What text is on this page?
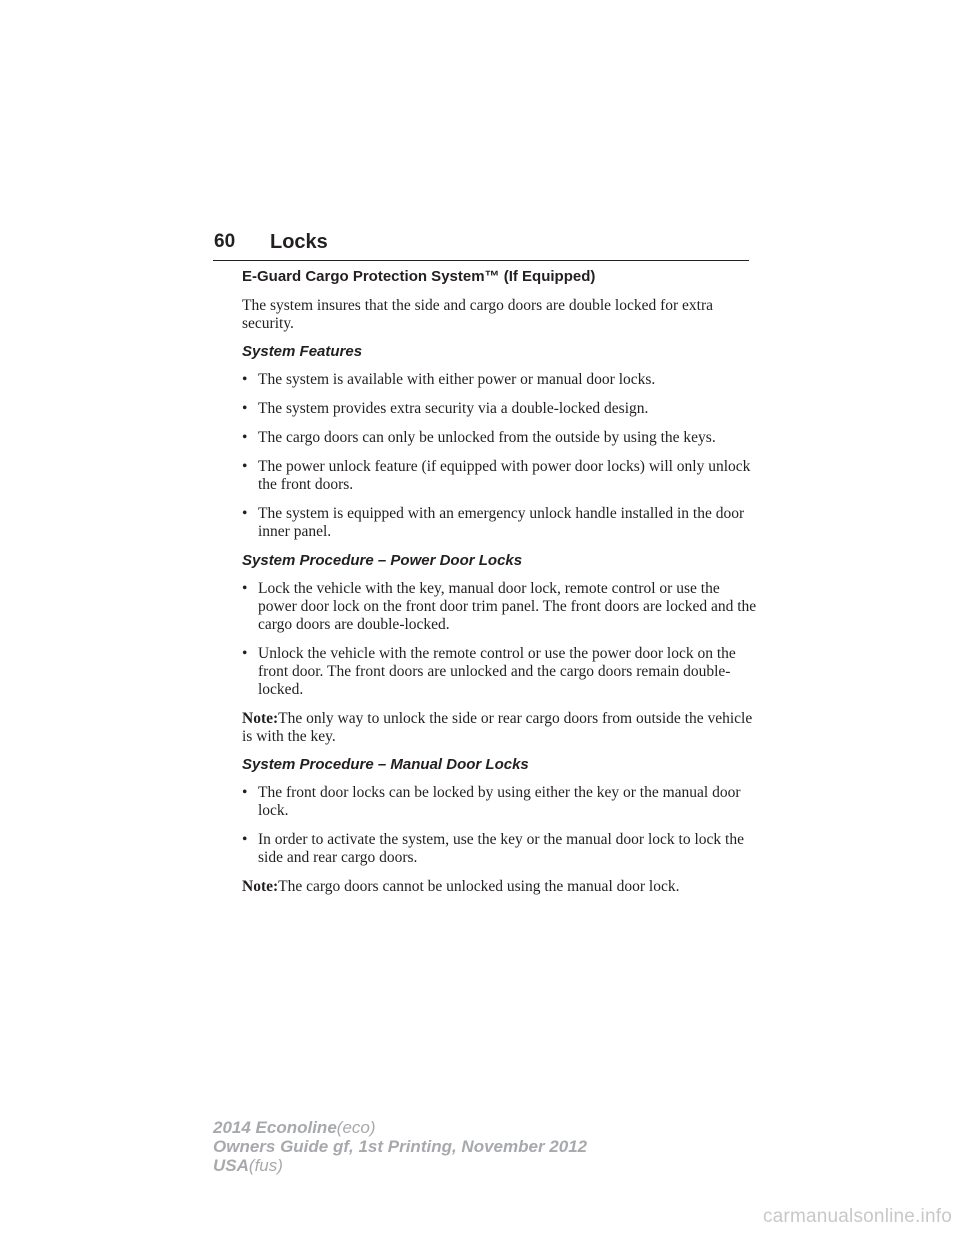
60 Locks
E-Guard Cargo Protection System™ (If Equipped)

The system insures that the side and cargo doors are double locked for extra security.

System Features
• The system is available with either power or manual door locks.
• The system provides extra security via a double-locked design.
• The cargo doors can only be unlocked from the outside by using the keys.
• The power unlock feature (if equipped with power door locks) will only unlock the front doors.
• The system is equipped with an emergency unlock handle installed in the door inner panel.
System Procedure – Power Door Locks
• Lock the vehicle with the key, manual door lock, remote control or use the power door lock on the front door trim panel. The front doors are locked and the cargo doors are double-locked.
• Unlock the vehicle with the remote control or use the power door lock on the front door. The front doors are unlocked and the cargo doors remain double-locked.

Note:The only way to unlock the side or rear cargo doors from outside the vehicle is with the key.

System Procedure – Manual Door Locks
• The front door locks can be locked by using either the key or the manual door lock.
• In order to activate the system, use the key or the manual door lock to lock the side and rear cargo doors.

Note:The cargo doors cannot be unlocked using the manual door lock.

2014 Econoline(eco)
Owners Guide gf, 1st Printing, November 2012
USA(fus)
carmanualsonline.info
